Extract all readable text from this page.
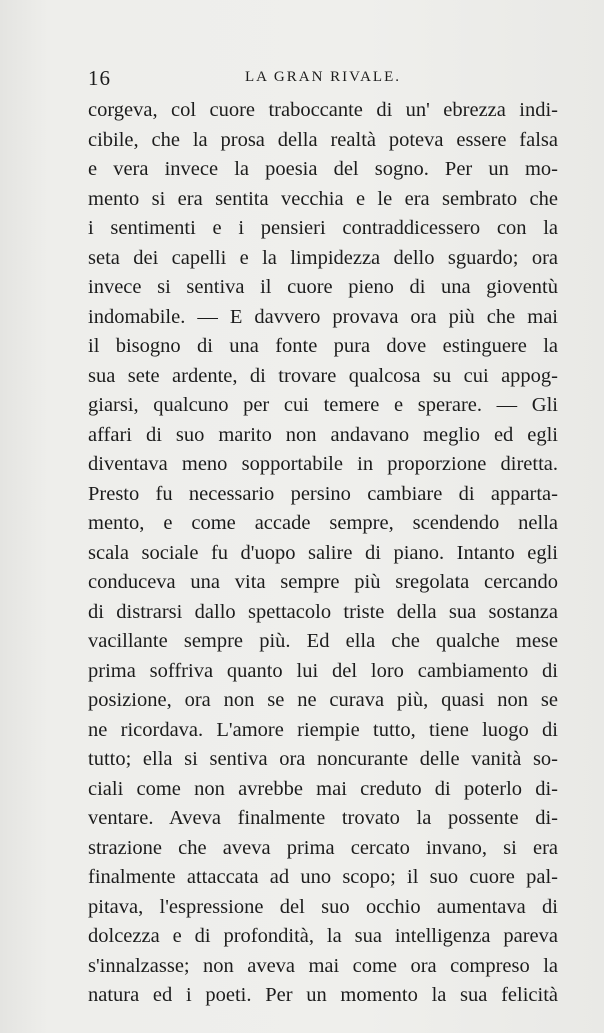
16	LA GRAN RIVALE.
corgeva, col cuore traboccante di un' ebrezza indi-
cibile, che la prosa della realtà poteva essere falsa
e vera invece la poesia del sogno. Per un mo-
mento si era sentita vecchia e le era sembrato che
i sentimenti e i pensieri contraddicessero con la
seta dei capelli e la limpidezza dello sguardo; ora
invece si sentiva il cuore pieno di una gioventù
indomabile. — E davvero provava ora più che mai
il bisogno di una fonte pura dove estinguere la
sua sete ardente, di trovare qualcosa su cui appog-
giarsi, qualcuno per cui temere e sperare. — Gli
affari di suo marito non andavano meglio ed egli
diventava meno sopportabile in proporzione diretta.
Presto fu necessario persino cambiare di apparta-
mento, e come accade sempre, scendendo nella
scala sociale fu d'uopo salire di piano. Intanto egli
conduceva una vita sempre più sregolata cercando
di distrarsi dallo spettacolo triste della sua sostanza
vacillante sempre più. Ed ella che qualche mese
prima soffriva quanto lui del loro cambiamento di
posizione, ora non se ne curava più, quasi non se
ne ricordava. L'amore riempie tutto, tiene luogo di
tutto; ella si sentiva ora noncurante delle vanità so-
ciali come non avrebbe mai creduto di poterlo di-
ventare. Aveva finalmente trovato la possente di-
strazione che aveva prima cercato invano, si era
finalmente attaccata ad uno scopo; il suo cuore pal-
pitava, l'espressione del suo occhio aumentava di
dolcezza e di profondità, la sua intelligenza pareva
s'innalzasse; non aveva mai come ora compreso la
natura ed i poeti. Per un momento la sua felicità
